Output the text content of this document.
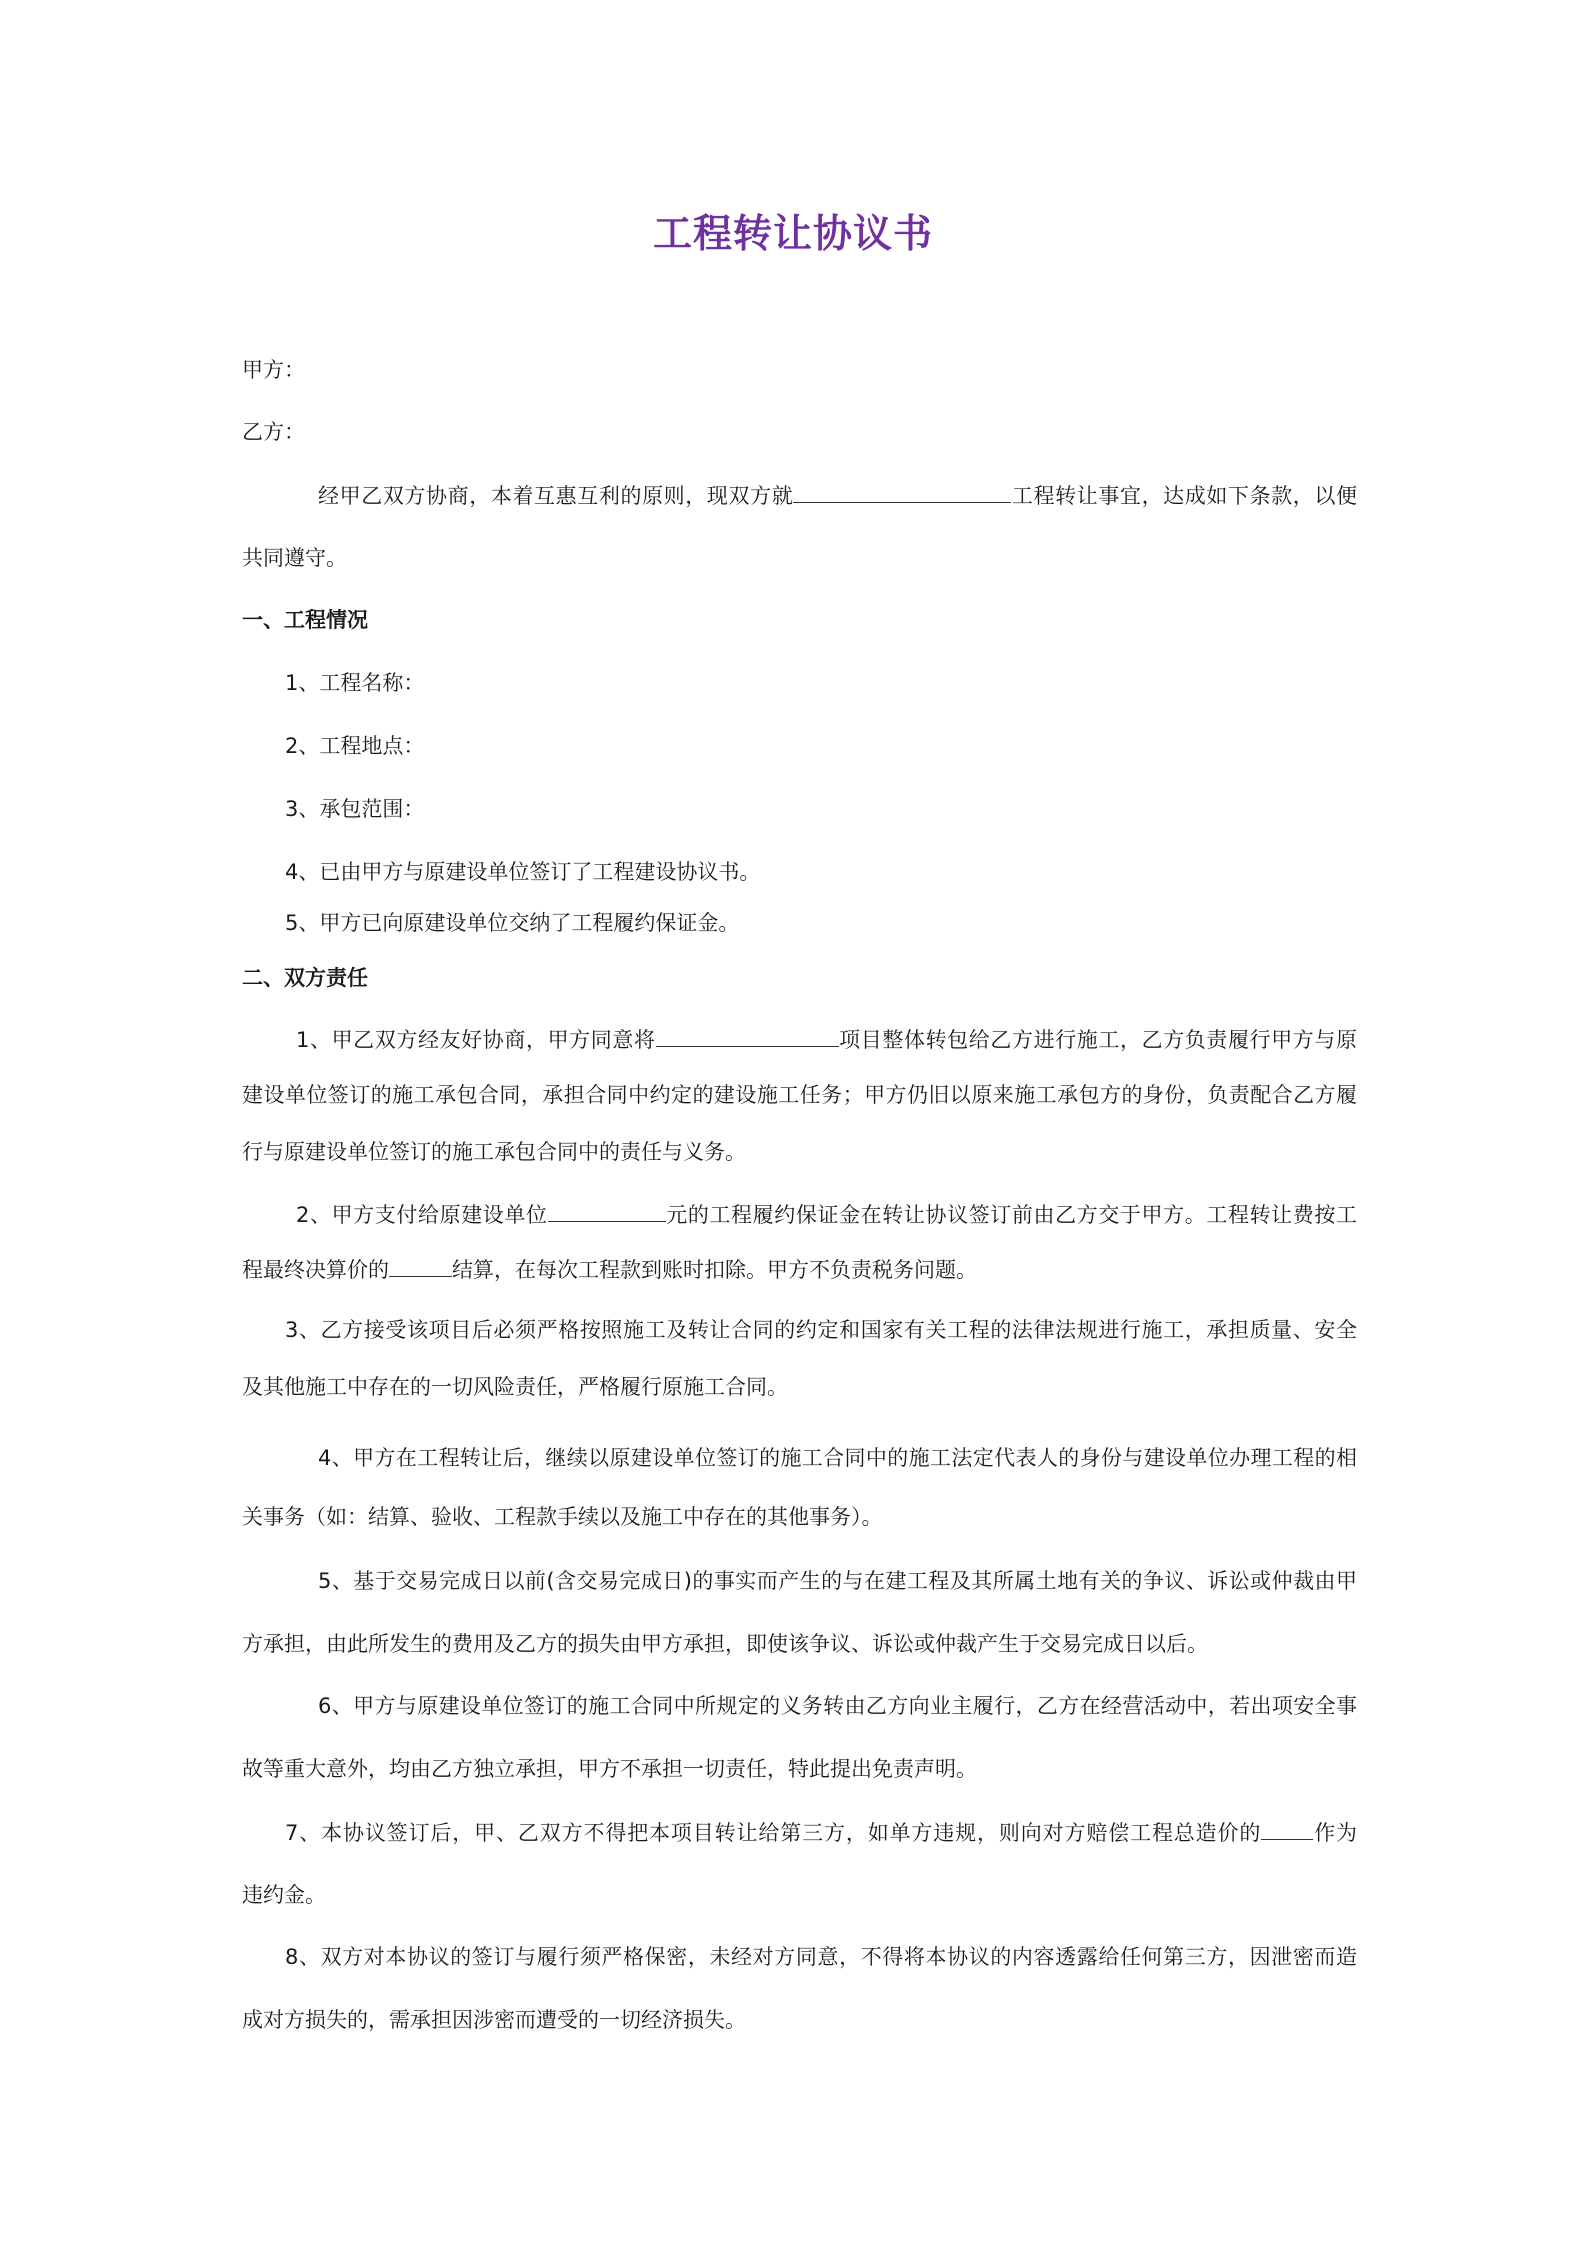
工程转让协议书
甲方：
乙方：
经甲乙双方协商，本着互惠互利的原则，现双方就	工程转让事宜，达成如下条款，以便
共同遵守。
一、工程情况
1、工程名称：
2、工程地点：
3、承包范围：
4、已由甲方与原建设单位签订了工程建设协议书。
5、甲方已向原建设单位交纳了工程履约保证金。
二、双方责任
1、甲乙双方经友好协商，甲方同意将	项目整体转包给乙方进行施工，乙方负责履行甲方与原
建设单位签订的施工承包合同，承担合同中约定的建设施工任务；甲方仍旧以原来施工承包方的身份，负责配合乙方履
行与原建设单位签订的施工承包合同中的责任与义务。
2、甲方支付给原建设单位	元的工程履约保证金在转让协议签订前由乙方交于甲方。工程转让费按工
程最终决算价的	结算，在每次工程款到账时扣除。甲方不负责税务问题。
3、乙方接受该项目后必须严格按照施工及转让合同的约定和国家有关工程的法律法规进行施工，承担质量、安全
及其他施工中存在的一切风险责任，严格履行原施工合同。
4、甲方在工程转让后，继续以原建设单位签订的施工合同中的施工法定代表人的身份与建设单位办理工程的相
关事务（如：结算、验收、工程款手续以及施工中存在的其他事务）。
5、基于交易完成日以前(含交易完成日)的事实而产生的与在建工程及其所属土地有关的争议、诉讼或仲裁由甲
方承担，由此所发生的费用及乙方的损失由甲方承担，即使该争议、诉讼或仲裁产生于交易完成日以后。
6、甲方与原建设单位签订的施工合同中所规定的义务转由乙方向业主履行，乙方在经营活动中，若出项安全事
故等重大意外，均由乙方独立承担，甲方不承担一切责任，特此提出免责声明。
7、本协议签订后，甲、乙双方不得把本项目转让给第三方，如单方违规，则向对方赔偿工程总造价的 作为
违约金。
8、双方对本协议的签订与履行须严格保密，未经对方同意，不得将本协议的内容透露给任何第三方，因泄密而造
成对方损失的，需承担因涉密而遭受的一切经济损失。
